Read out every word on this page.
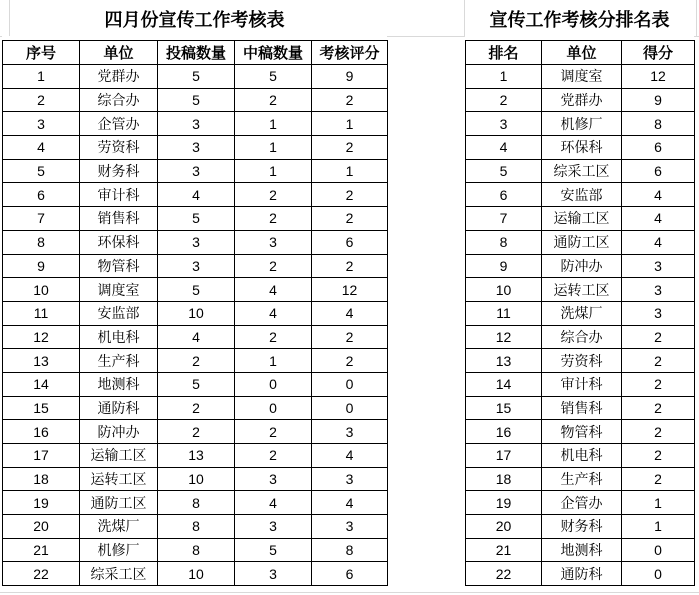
四月份宣传工作考核表	宣传工作考核分排名表
序号	单位	投稿数量	中稿数量	考核评分
1	党群办	5	5	9
2	综合办	5	2	2
3	企管办	3	1	1
4	劳资科	3	1	2
5	财务科	3	1	1
6	审计科	4	2	2
7	销售科	5	2	2
8	环保科	3	3	6
9	物管科	3	2	2
10	调度室	5	4	12
11	安监部	10	4	4
12	机电科	4	2	2
13	生产科	2	1	2
14	地测科	5	0	0
15	通防科	2	0	0
16	防冲办	2	2	3
17	运输工区	13	2	4
18	运转工区	10	3	3
19	通防工区	8	4	4
20	洗煤厂	8	3	3
21	机修厂	8	5	8
22	综采工区	10	3	6
排名	单位	得分
1	调度室	12
2	党群办	9
3	机修厂	8
4	环保科	6
5	综采工区	6
6	安监部	4
7	运输工区	4
8	通防工区	4
9	防冲办	3
10	运转工区	3
11	洗煤厂	3
12	综合办	2
13	劳资科	2
14	审计科	2
15	销售科	2
16	物管科	2
17	机电科	2
18	生产科	2
19	企管办	1
20	财务科	1
21	地测科	0
22	通防科	0
